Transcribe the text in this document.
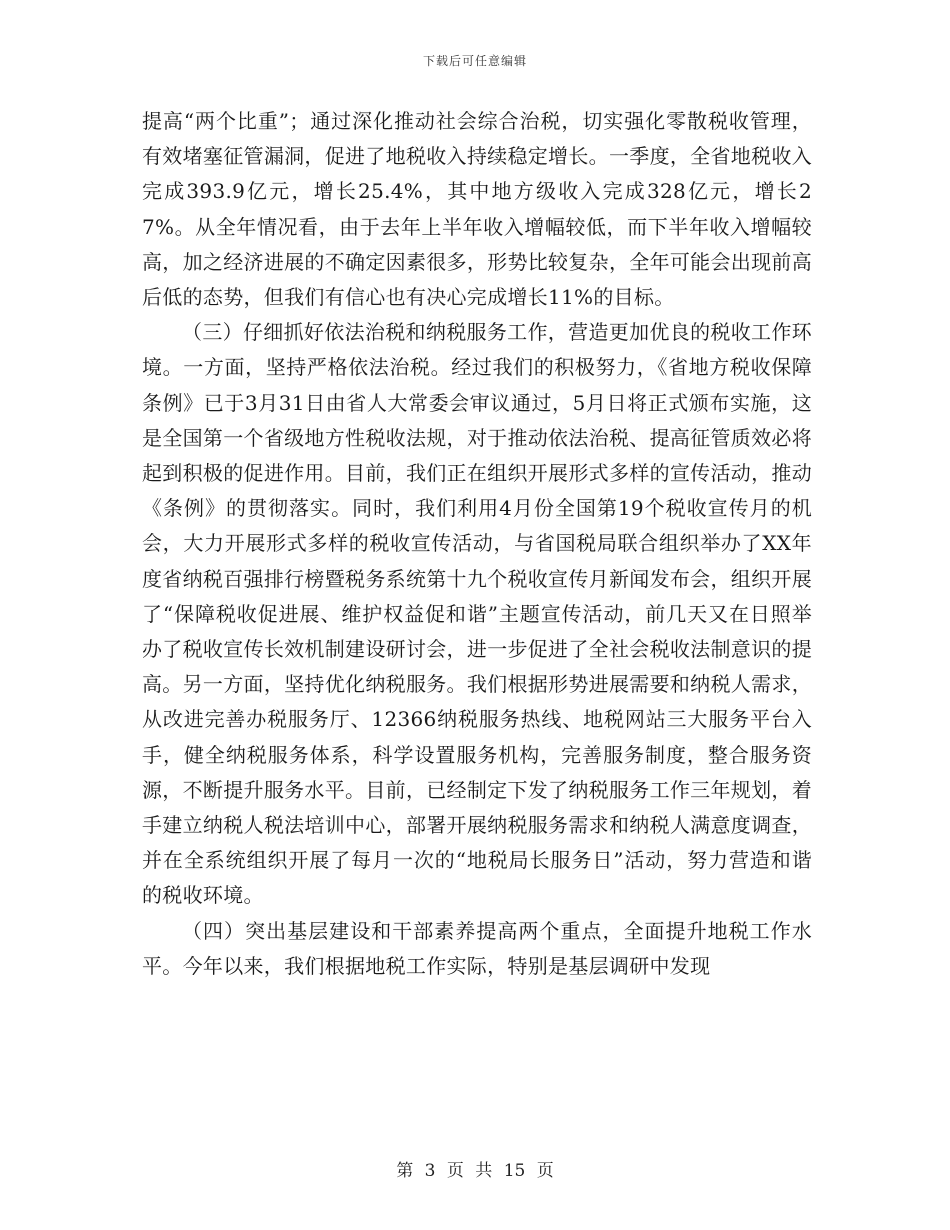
下载后可任意编辑

提高“两个比重”；通过深化推动社会综合治税，切实强化零散税收管理，有效堵塞征管漏洞，促进了地税收入持续稳定增长。一季度，全省地税收入完成393.9亿元，增长25.4%，其中地方级收入完成328亿元，增长27%。从全年情况看，由于去年上半年收入增幅较低，而下半年收入增幅较高，加之经济进展的不确定因素很多，形势比较复杂，全年可能会出现前高后低的态势，但我们有信心也有决心完成增长11%的目标。

（三）仔细抓好依法治税和纳税服务工作，营造更加优良的税收工作环境。一方面，坚持严格依法治税。经过我们的积极努力，《省地方税收保障条例》已于3月31日由省人大常委会审议通过，5月日将正式颁布实施，这是全国第一个省级地方性税收法规，对于推动依法治税、提高征管质效必将起到积极的促进作用。目前，我们正在组织开展形式多样的宣传活动，推动《条例》的贯彻落实。同时，我们利用4月份全国第19个税收宣传月的机会，大力开展形式多样的税收宣传活动，与省国税局联合组织举办了XX年度省纳税百强排行榜暨税务系统第十九个税收宣传月新闻发布会，组织开展了“保障税收促进展、维护权益促和谐”主题宣传活动，前几天又在日照举办了税收宣传长效机制建设研讨会，进一步促进了全社会税收法制意识的提高。另一方面，坚持优化纳税服务。我们根据形势进展需要和纳税人需求，从改进完善办税服务厅、12366纳税服务热线、地税网站三大服务平台入手，健全纳税服务体系，科学设置服务机构，完善服务制度，整合服务资源，不断提升服务水平。目前，已经制定下发了纳税服务工作三年规划，着手建立纳税人税法培训中心，部署开展纳税服务需求和纳税人满意度调查，并在全系统组织开展了每月一次的“地税局长服务日”活动，努力营造和谐的税收环境。

（四）突出基层建设和干部素养提高两个重点，全面提升地税工作水平。今年以来，我们根据地税工作实际，特别是基层调研中发现

第 3 页 共 15 页
